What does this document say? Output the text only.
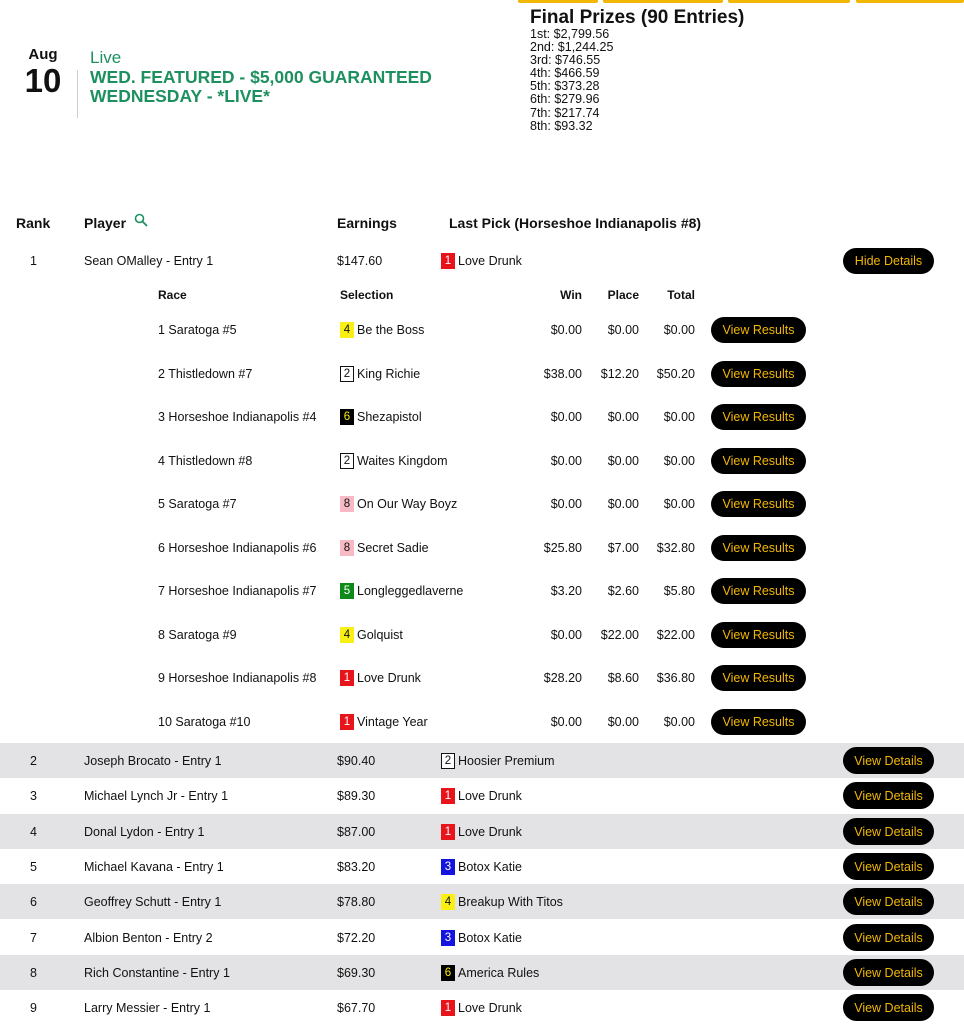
Aug
10
Live
WED. FEATURED - $5,000 GUARANTEED WEDNESDAY - *LIVE*
Final Prizes (90 Entries)
1st: $2,799.56
2nd: $1,244.25
3rd: $746.55
4th: $466.59
5th: $373.28
6th: $279.96
7th: $217.74
8th: $93.32
Rank Player	Earnings	Last Pick (Horseshoe Indianapolis #8)
1	Sean OMalley - Entry 1	$147.60	1 Love Drunk	Hide Details
Race	Selection	Win	Place	Total
1 Saratoga #5	4 Be the Boss	$0.00	$0.00	$0.00	View Results
2 Thistledown #7	2 King Richie	$38.00	$12.20	$50.20	View Results
3 Horseshoe Indianapolis #4	6 Shezapistol	$0.00	$0.00	$0.00	View Results
4 Thistledown #8	2 Waites Kingdom	$0.00	$0.00	$0.00	View Results
5 Saratoga #7	8 On Our Way Boyz	$0.00	$0.00	$0.00	View Results
6 Horseshoe Indianapolis #6	8 Secret Sadie	$25.80	$7.00	$32.80	View Results
7 Horseshoe Indianapolis #7	5 Longleggedlaverne	$3.20	$2.60	$5.80	View Results
8 Saratoga #9	4 Golquist	$0.00	$22.00	$22.00	View Results
9 Horseshoe Indianapolis #8	1 Love Drunk	$28.20	$8.60	$36.80	View Results
10 Saratoga #10	1 Vintage Year	$0.00	$0.00	$0.00	View Results
2	Joseph Brocato - Entry 1	$90.40	2 Hoosier Premium	View Details
3	Michael Lynch Jr - Entry 1	$89.30	1 Love Drunk	View Details
4	Donal Lydon - Entry 1	$87.00	1 Love Drunk	View Details
5	Michael Kavana - Entry 1	$83.20	3 Botox Katie	View Details
6	Geoffrey Schutt - Entry 1	$78.80	4 Breakup With Titos	View Details
7	Albion Benton - Entry 2	$72.20	3 Botox Katie	View Details
8	Rich Constantine - Entry 1	$69.30	6 America Rules	View Details
9	Larry Messier - Entry 1	$67.70	1 Love Drunk	View Details
